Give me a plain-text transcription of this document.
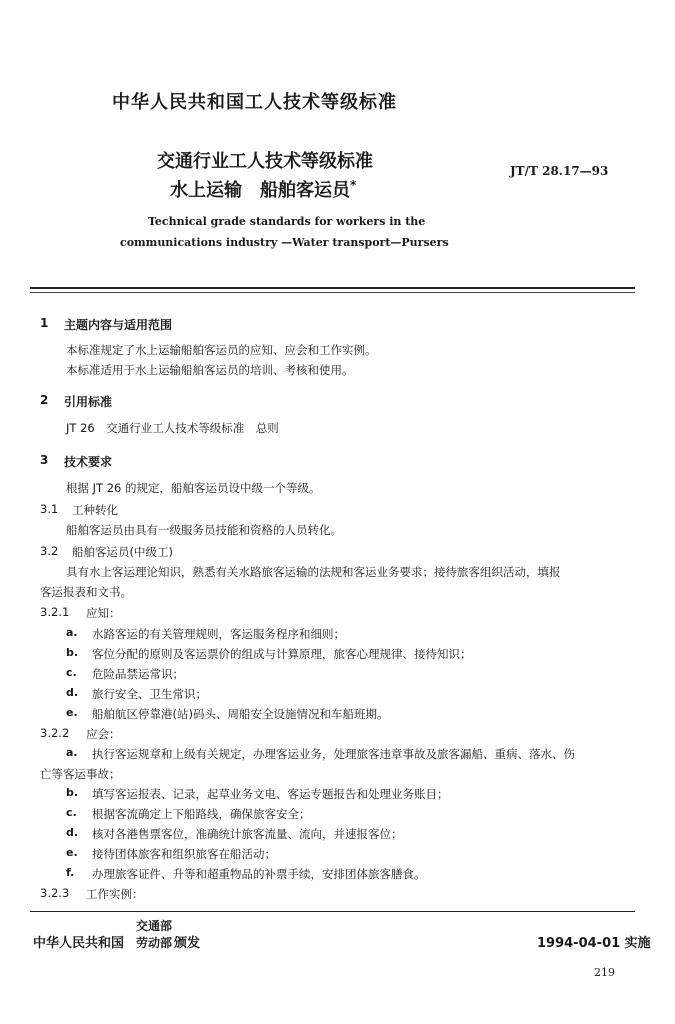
中华人民共和国工人技术等级标准
交通行业工人技术等级标准
水上运输　船舶客运员*
JT/T 28.17—93
Technical grade standards for workers in the
communications industry —Water transport—Pursers
1 主题内容与适用范围
本标准规定了水上运输船舶客运员的应知、应会和工作实例。
本标准适用于水上运输船舶客运员的培训、考核和使用。
2 引用标准
JT 26　交通行业工人技术等级标准　总则
3 技术要求
根据 JT 26 的规定，船舶客运员设中级一个等级。
3.1 工种转化
船舶客运员由具有一级服务员技能和资格的人员转化。
3.2 船舶客运员(中级工)
具有水上客运理论知识，熟悉有关水路旅客运输的法规和客运业务要求；接待旅客组织活动，填报
客运报表和文书。
3.2.1 应知：
a. 水路客运的有关管理规则，客运服务程序和细则；
b. 客位分配的原则及客运票价的组成与计算原理，旅客心理规律、接待知识；
c. 危险品禁运常识；
d. 旅行安全、卫生常识；
e. 船舶航区停靠港(站)码头、周船安全设施情况和车船班期。
3.2.2 应会：
a. 执行客运规章和上级有关规定，办理客运业务，处理旅客违章事故及旅客漏船、重病、落水、伤
亡等客运事故；
b. 填写客运报表、记录，起草业务文电、客运专题报告和处理业务账目；
c. 根据客流确定上下船路线，确保旅客安全；
d. 核对各港售票客位，准确统计旅客流量、流向，并速报客位；
e. 接待团体旅客和组织旅客在船活动；
f. 办理旅客证件、升等和超重物品的补票手续，安排团体旅客膳食。
3.2.3 工作实例：
中华人民共和国
交通部
劳动部 颁发	1994-04-01 实施
219
